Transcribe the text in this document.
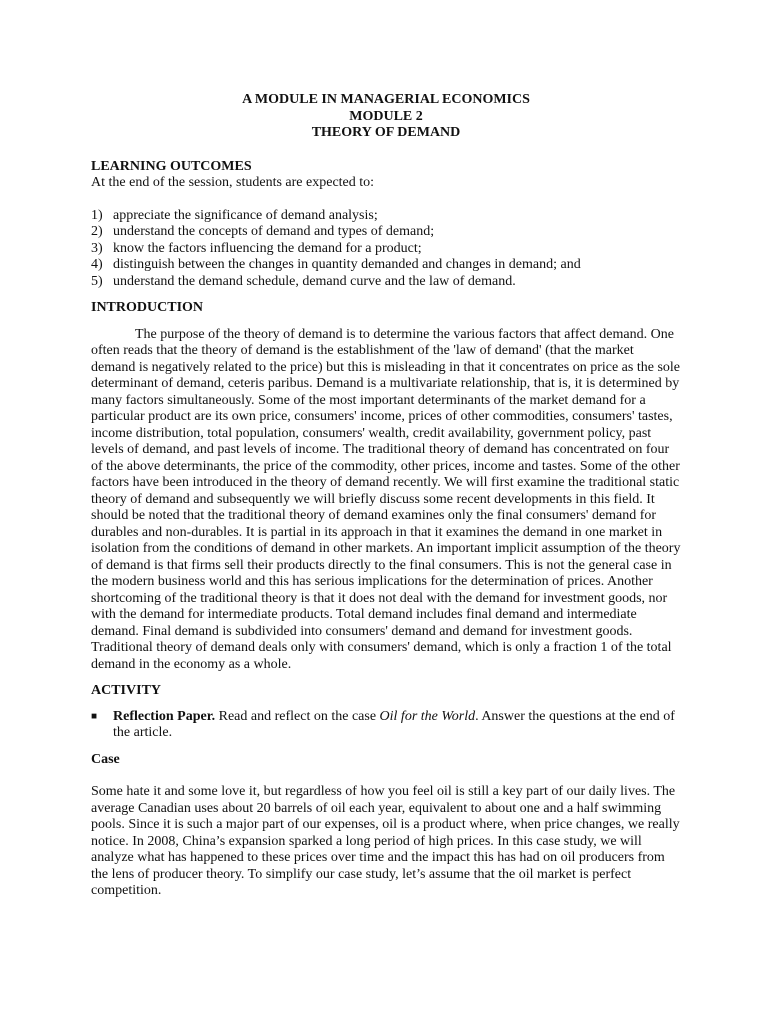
A MODULE IN MANAGERIAL ECONOMICS
MODULE 2
THEORY OF DEMAND
LEARNING OUTCOMES

At the end of the session, students are expected to:

1) appreciate the significance of demand analysis;
2) understand the concepts of demand and types of demand;
3) know the factors influencing the demand for a product;
4) distinguish between the changes in quantity demanded and changes in demand; and
5) understand the demand schedule, demand curve and the law of demand.
INTRODUCTION

The purpose of the theory of demand is to determine the various factors that affect demand. One often reads that the theory of demand is the establishment of the 'law of demand' (that the market demand is negatively related to the price) but this is misleading in that it concentrates on price as the sole determinant of demand, ceteris paribus. Demand is a multivariate relationship, that is, it is determined by many factors simultaneously. Some of the most important determinants of the market demand for a particular product are its own price, consumers' income, prices of other commodities, consumers' tastes, income distribution, total population, consumers' wealth, credit availability, government policy, past levels of demand, and past levels of income. The traditional theory of demand has concentrated on four of the above determinants, the price of the commodity, other prices, income and tastes. Some of the other factors have been introduced in the theory of demand recently. We will first examine the traditional static theory of demand and subsequently we will briefly discuss some recent developments in this field. It should be noted that the traditional theory of demand examines only the final consumers' demand for durables and non-durables. It is partial in its approach in that it examines the demand in one market in isolation from the conditions of demand in other markets. An important implicit assumption of the theory of demand is that firms sell their products directly to the final consumers. This is not the general case in the modern business world and this has serious implications for the determination of prices. Another shortcoming of the traditional theory is that it does not deal with the demand for investment goods, nor with the demand for intermediate products. Total demand includes final demand and intermediate demand. Final demand is subdivided into consumers' demand and demand for investment goods. Traditional theory of demand deals only with consumers' demand, which is only a fraction 1 of the total demand in the economy as a whole.

ACTIVITY
■	Reflection Paper. Read and reflect on the case Oil for the World. Answer the questions at the end of the article.
Case

Some hate it and some love it, but regardless of how you feel oil is still a key part of our daily lives. The average Canadian uses about 20 barrels of oil each year, equivalent to about one and a half swimming pools. Since it is such a major part of our expenses, oil is a product where, when price changes, we really notice. In 2008, China’s expansion sparked a long period of high prices. In this case study, we will analyze what has happened to these prices over time and the impact this has had on oil producers from the lens of producer theory. To simplify our case study, let’s assume that the oil market is perfect competition.
